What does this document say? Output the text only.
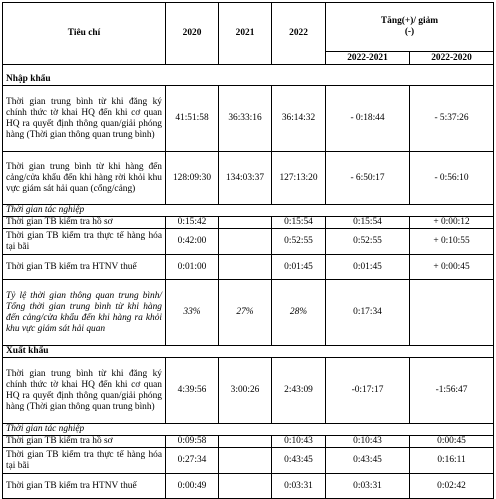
Tiêu chí	2020	2021	2022	Tăng(+)/ giảm (-)	
				2022-2021	2022-2020
Nhập khẩu					
Thời gian trung bình từ khi đăng ký chính thức tờ khai HQ đến khi cơ quan HQ ra quyết định thông quan/giải phóng hàng (Thời gian thông quan trung bình)	41:51:58	36:33:16	36:14:32	- 0:18:44	- 5:37:26
Thời gian trung bình từ khi hàng đến cảng/cửa khẩu đến khi hàng rời khỏi khu vực giám sát hải quan (cổng/cảng)	128:09:30	134:03:37	127:13:20	- 6:50:17	- 0:56:10
Thời gian tác nghiệp					
Thời gian TB kiểm tra hồ sơ	0:15:42		0:15:54	0:15:54	+ 0:00:12
Thời gian TB kiểm tra thực tế hàng hóa tại bãi	0:42:00		0:52:55	0:52:55	+ 0:10:55
Thời gian TB kiểm tra HTNV thuế	0:01:00		0:01:45	0:01:45	+ 0:00:45
Tỷ lệ thời gian thông quan trung bình/ Tổng thời gian trung bình từ khi hàng đến cảng/cửa khẩu đến khi hàng ra khỏi khu vực giám sát hải quan	33%	27%	28%	0:17:34	
Xuất khẩu					
Thời gian trung bình từ khi đăng ký chính thức tờ khai HQ đến khi cơ quan HQ ra quyết định thông quan/giải phóng hàng (Thời gian thông quan trung bình)	4:39:56	3:00:26	2:43:09	-0:17:17	-1:56:47
Thời gian tác nghiệp					
Thời gian TB kiểm tra hồ sơ	0:09:58		0:10:43	0:10:43	0:00:45
Thời gian TB kiểm tra thực tế hàng hóa tại bãi	0:27:34		0:43:45	0:43:45	0:16:11
Thời gian TB kiểm tra HTNV thuế	0:00:49		0:03:31	0:03:31	0:02:42
